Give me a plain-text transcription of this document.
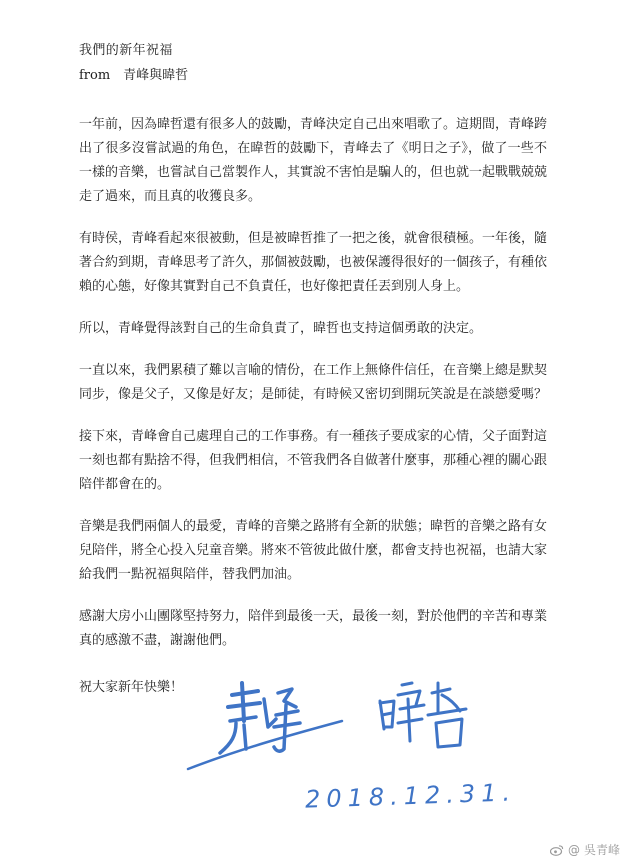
我們的新年祝福
from　青峰與暐哲

一年前，因為暐哲還有很多人的鼓勵，青峰決定自己出來唱歌了。這期間，青峰跨出了很多沒嘗試過的角色，在暐哲的鼓勵下，青峰去了《明日之子》，做了一些不一樣的音樂，也嘗試自己當製作人，其實說不害怕是騙人的，但也就一起戰戰兢兢走了過來，而且真的收獲良多。

有時侯，青峰看起來很被動，但是被暐哲推了一把之後，就會很積極。一年後，隨著合約到期，青峰思考了許久，那個被鼓勵，也被保護得很好的一個孩子，有種依賴的心態，好像其實對自己不負責任，也好像把責任丟到別人身上。

所以，青峰覺得該對自己的生命負責了，暐哲也支持這個勇敢的決定。

一直以來，我們累積了難以言喻的情份，在工作上無條件信任，在音樂上總是默契同步，像是父子，又像是好友；是師徒，有時候又密切到開玩笑說是在談戀愛嗎？

接下來，青峰會自己處理自己的工作事務。有一種孩子要成家的心情，父子面對這一刻也都有點捨不得，但我們相信，不管我們各自做著什麼事，那種心裡的關心跟陪伴都會在的。

音樂是我們兩個人的最愛，青峰的音樂之路將有全新的狀態；暐哲的音樂之路有女兒陪伴，將全心投入兒童音樂。將來不管彼此做什麼，都會支持也祝福，也請大家給我們一點祝福與陪伴，替我們加油。

感謝大房小山團隊堅持努力，陪伴到最後一天，最後一刻，對於他們的辛苦和專業真的感激不盡，謝謝他們。

祝大家新年快樂！
2018.12.31.
@ 吳青峰
